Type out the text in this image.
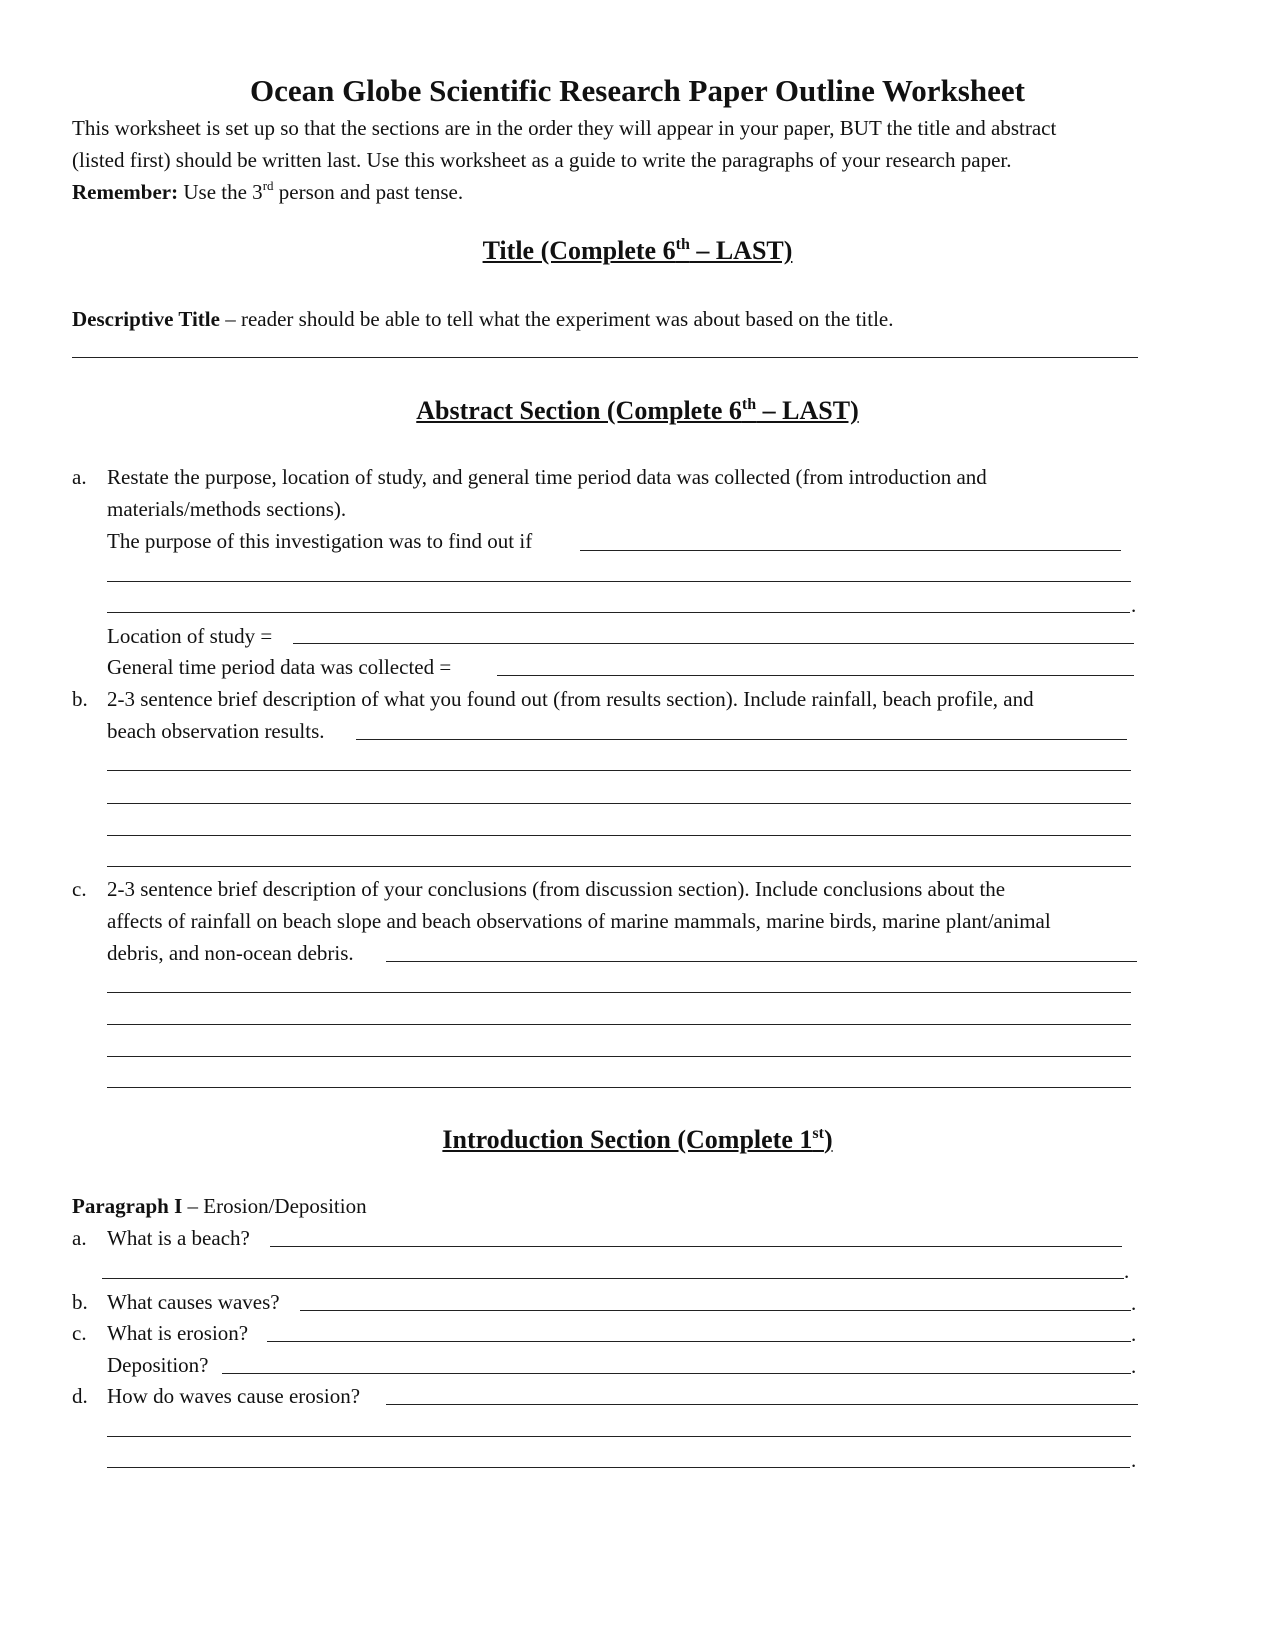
Ocean Globe Scientific Research Paper Outline Worksheet
This worksheet is set up so that the sections are in the order they will appear in your paper, BUT the title and abstract
(listed first) should be written last. Use this worksheet as a guide to write the paragraphs of your research paper.
Remember: Use the 3rd person and past tense.
Title (Complete 6th – LAST)
Descriptive Title – reader should be able to tell what the experiment was about based on the title.
Abstract Section (Complete 6th – LAST)
a. Restate the purpose, location of study, and general time period data was collected (from introduction and
materials/methods sections).
The purpose of this investigation was to find out if
.
Location of study =
General time period data was collected =
b. 2-3 sentence brief description of what you found out (from results section). Include rainfall, beach profile, and
beach observation results.
c. 2-3 sentence brief description of your conclusions (from discussion section). Include conclusions about the
affects of rainfall on beach slope and beach observations of marine mammals, marine birds, marine plant/animal
debris, and non-ocean debris.
Introduction Section (Complete 1st)
Paragraph I – Erosion/Deposition
a. What is a beach?
.
b. What causes waves?	.
c. What is erosion?	.
Deposition?	.
d. How do waves cause erosion?
.
